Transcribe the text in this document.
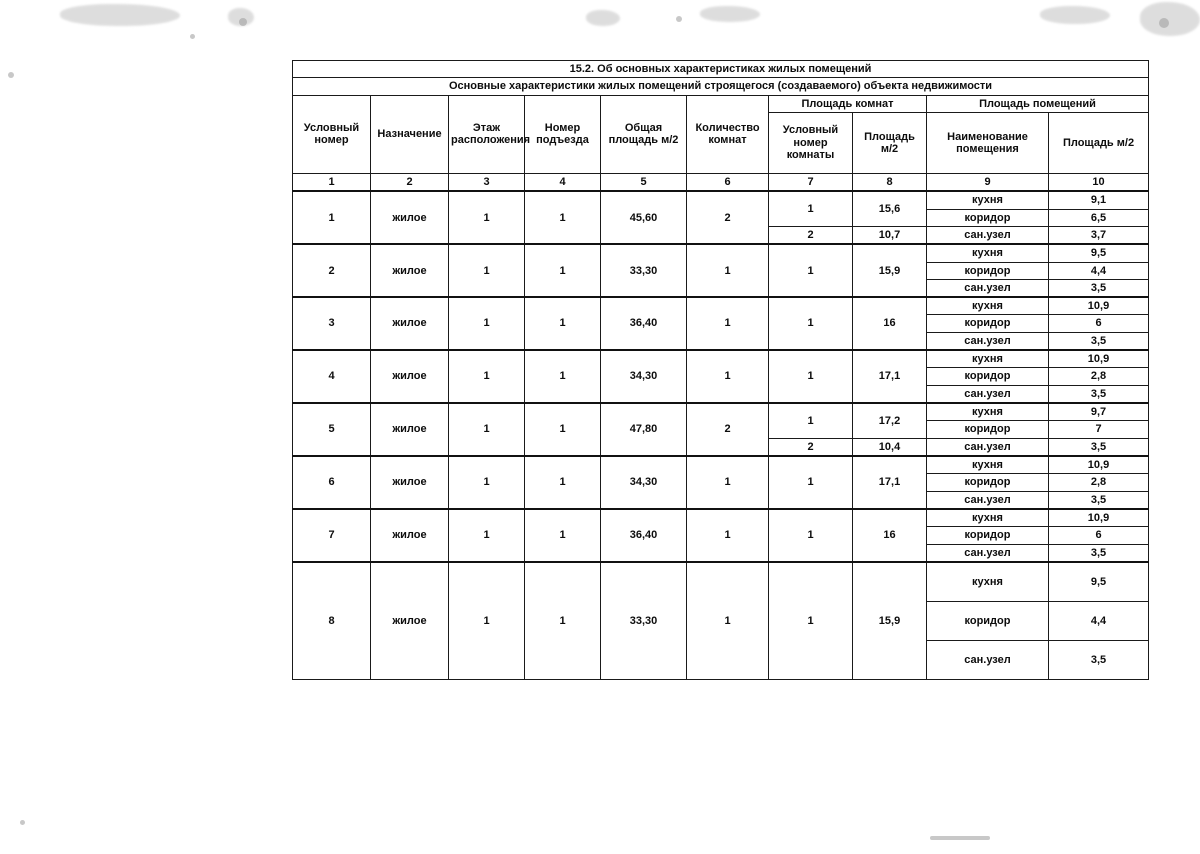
15.2. Об основных характеристиках жилых помещений									
Основные характеристики жилых помещений строящегося (создаваемого) объекта недвижимости									
Условный номер	Назначение	Этаж расположения	Номер подъезда	Общая площадь м/2	Количество комнат	Площадь комнат		Площадь помещений	
						Условный номер комнаты	Площадь м/2	Наименование помещения	Площадь м/2
1	2	3	4	5	6	7	8	9	10
1	жилое	1	1	45,60	2	1	15,6	кухня	9,1
								коридор	6,5
						2	10,7	сан.узел	3,7
2	жилое	1	1	33,30	1	1	15,9	кухня	9,5
								коридор	4,4
								сан.узел	3,5
3	жилое	1	1	36,40	1	1	16	кухня	10,9
								коридор	6
								сан.узел	3,5
4	жилое	1	1	34,30	1	1	17,1	кухня	10,9
								коридор	2,8
								сан.узел	3,5
5	жилое	1	1	47,80	2	1	17,2	кухня	9,7
								коридор	7
						2	10,4	сан.узел	3,5
6	жилое	1	1	34,30	1	1	17,1	кухня	10,9
								коридор	2,8
								сан.узел	3,5
7	жилое	1	1	36,40	1	1	16	кухня	10,9
								коридор	6
								сан.узел	3,5
8	жилое	1	1	33,30	1	1	15,9	кухня	9,5
								коридор	4,4
								сан.узел	3,5
